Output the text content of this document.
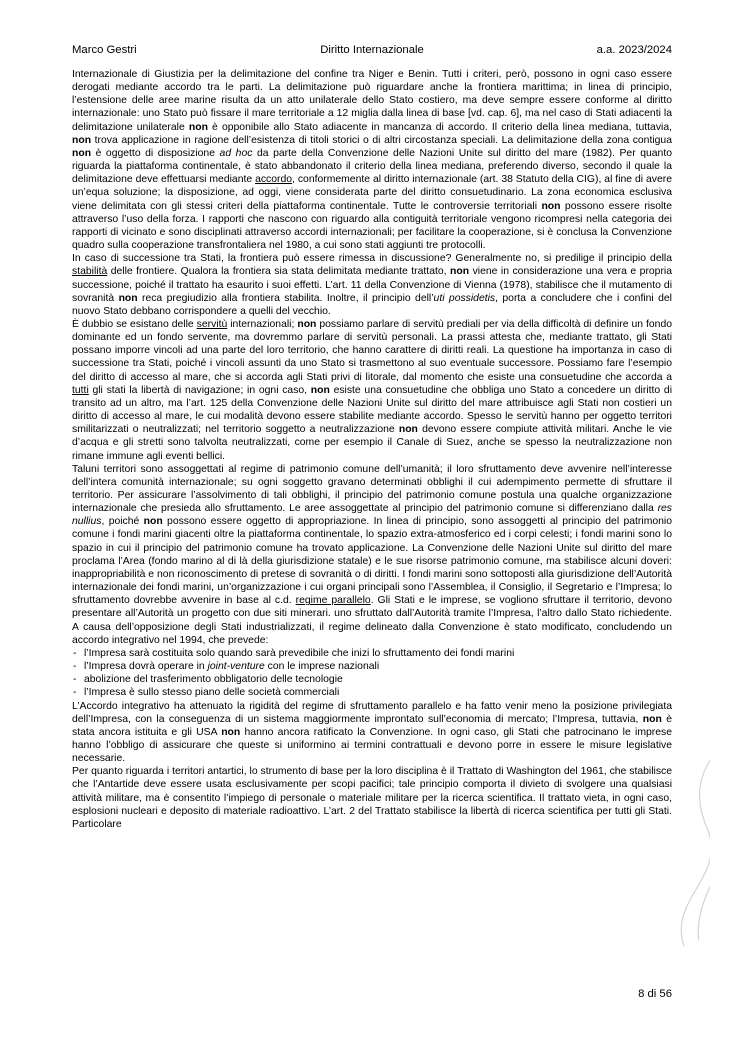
Marco Gestri	Diritto Internazionale	a.a. 2023/2024

Internazionale di Giustizia per la delimitazione del confine tra Niger e Benin. Tutti i criteri, però, possono in ogni caso essere derogati mediante accordo tra le parti. La delimitazione può riguardare anche la frontiera marittima; in linea di principio, l’estensione delle aree marine risulta da un atto unilaterale dello Stato costiero, ma deve sempre essere conforme al diritto internazionale: uno Stato può fissare il mare territoriale a 12 miglia dalla linea di base [vd. cap. 6], ma nel caso di Stati adiacenti la delimitazione unilaterale non è opponibile allo Stato adiacente in mancanza di accordo. Il criterio della linea mediana, tuttavia, non trova applicazione in ragione dell’esistenza di titoli storici o di altri circostanza speciali. La delimitazione della zona contigua non è oggetto di disposizione ad hoc da parte della Convenzione delle Nazioni Unite sul diritto del mare (1982). Per quanto riguarda la piattaforma continentale, è stato abbandonato il criterio della linea mediana, preferendo diverso, secondo il quale la delimitazione deve effettuarsi mediante accordo, conformemente al diritto internazionale (art. 38 Statuto della CIG), al fine di avere un’equa soluzione; la disposizione, ad oggi, viene considerata parte del diritto consuetudinario. La zona economica esclusiva viene delimitata con gli stessi criteri della piattaforma continentale. Tutte le controversie territoriali non possono essere risolte attraverso l’uso della forza. I rapporti che nascono con riguardo alla contiguità territoriale vengono ricompresi nella categoria dei rapporti di vicinato e sono disciplinati attraverso accordi internazionali; per facilitare la cooperazione, si è conclusa la Convenzione quadro sulla cooperazione transfrontaliera nel 1980, a cui sono stati aggiunti tre protocolli.

In caso di successione tra Stati, la frontiera può essere rimessa in discussione? Generalmente no, si predilige il principio della stabilità delle frontiere. Qualora la frontiera sia stata delimitata mediante trattato, non viene in considerazione una vera e propria successione, poiché il trattato ha esaurito i suoi effetti. L’art. 11 della Convenzione di Vienna (1978), stabilisce che il mutamento di sovranità non reca pregiudizio alla frontiera stabilita. Inoltre, il principio dell’uti possidetis, porta a concludere che i confini del nuovo Stato debbano corrispondere a quelli del vecchio.

È dubbio se esistano delle servitù internazionali; non possiamo parlare di servitù prediali per via della difficoltà di definire un fondo dominante ed un fondo servente, ma dovremmo parlare di servitù personali. La prassi attesta che, mediante trattato, gli Stati possano imporre vincoli ad una parte del loro territorio, che hanno carattere di diritti reali. La questione ha importanza in caso di successione tra Stati, poiché i vincoli assunti da uno Stato si trasmettono al suo eventuale successore. Possiamo fare l’esempio del diritto di accesso al mare, che si accorda agli Stati privi di litorale, dal momento che esiste una consuetudine che accorda a tutti gli stati la libertà di navigazione; in ogni caso, non esiste una consuetudine che obbliga uno Stato a concedere un diritto di transito ad un altro, ma l’art. 125 della Convenzione delle Nazioni Unite sul diritto del mare attribuisce agli Stati non costieri un diritto di accesso al mare, le cui modalità devono essere stabilite mediante accordo. Spesso le servitù hanno per oggetto territori smilitarizzati o neutralizzati; nel territorio soggetto a neutralizzazione non devono essere compiute attività militari. Anche le vie d’acqua e gli stretti sono talvolta neutralizzati, come per esempio il Canale di Suez, anche se spesso la neutralizzazione non rimane immune agli eventi bellici.

Taluni territori sono assoggettati al regime di patrimonio comune dell’umanità; il loro sfruttamento deve avvenire nell’interesse dell’intera comunità internazionale; su ogni soggetto gravano determinati obblighi il cui adempimento permette di sfruttare il territorio. Per assicurare l’assolvimento di tali obblighi, il principio del patrimonio comune postula una qualche organizzazione internazionale che presieda allo sfruttamento. Le aree assoggettate al principio del patrimonio comune si differenziano dalla res nullius, poiché non possono essere oggetto di appropriazione. In linea di principio, sono assoggetti al principio del patrimonio comune i fondi marini giacenti oltre la piattaforma continentale, lo spazio extra-atmosferico ed i corpi celesti; i fondi marini sono lo spazio in cui il principio del patrimonio comune ha trovato applicazione. La Convenzione delle Nazioni Unite sul diritto del mare proclama l’Area (fondo marino al di là della giurisdizione statale) e le sue risorse patrimonio comune, ma stabilisce alcuni doveri: inappropriabilità e non riconoscimento di pretese di sovranità o di diritti. I fondi marini sono sottoposti alla giurisdizione dell’Autorità internazionale dei fondi marini, un’organizzazione i cui organi principali sono l’Assemblea, il Consiglio, il Segretario e l’Impresa; lo sfruttamento dovrebbe avvenire in base al c.d. regime parallelo. Gli Stati e le imprese, se vogliono sfruttare il territorio, devono presentare all’Autorità un progetto con due siti minerari. uno sfruttato dall’Autorità tramite l’Impresa, l’altro dallo Stato richiedente. A causa dell’opposizione degli Stati industrializzati, il regime delineato dalla Convenzione è stato modificato, concludendo un accordo integrativo nel 1994, che prevede:

- l’Impresa sarà costituita solo quando sarà prevedibile che inizi lo sfruttamento dei fondi marini
- l’Impresa dovrà operare in joint-venture con le imprese nazionali
- abolizione del trasferimento obbligatorio delle tecnologie
- l’Impresa è sullo stesso piano delle società commerciali

L’Accordo integrativo ha attenuato la rigidità del regime di sfruttamento parallelo e ha fatto venir meno la posizione privilegiata dell’Impresa, con la conseguenza di un sistema maggiormente improntato sull’economia di mercato; l’Impresa, tuttavia, non è stata ancora istituita e gli USA non hanno ancora ratificato la Convenzione. In ogni caso, gli Stati che patrocinano le imprese hanno l’obbligo di assicurare che queste si uniformino ai termini contrattuali e devono porre in essere le misure legislative necessarie.

Per quanto riguarda i territori antartici, lo strumento di base per la loro disciplina è il Trattato di Washington del 1961, che stabilisce che l’Antartide deve essere usata esclusivamente per scopi pacifici; tale principio comporta il divieto di svolgere una qualsiasi attività militare, ma è consentito l’impiego di personale o materiale militare per la ricerca scientifica. Il trattato vieta, in ogni caso, esplosioni nucleari e deposito di materiale radioattivo. L’art. 2 del Trattato stabilisce la libertà di ricerca scientifica per tutti gli Stati. Particolare

8 di 56
